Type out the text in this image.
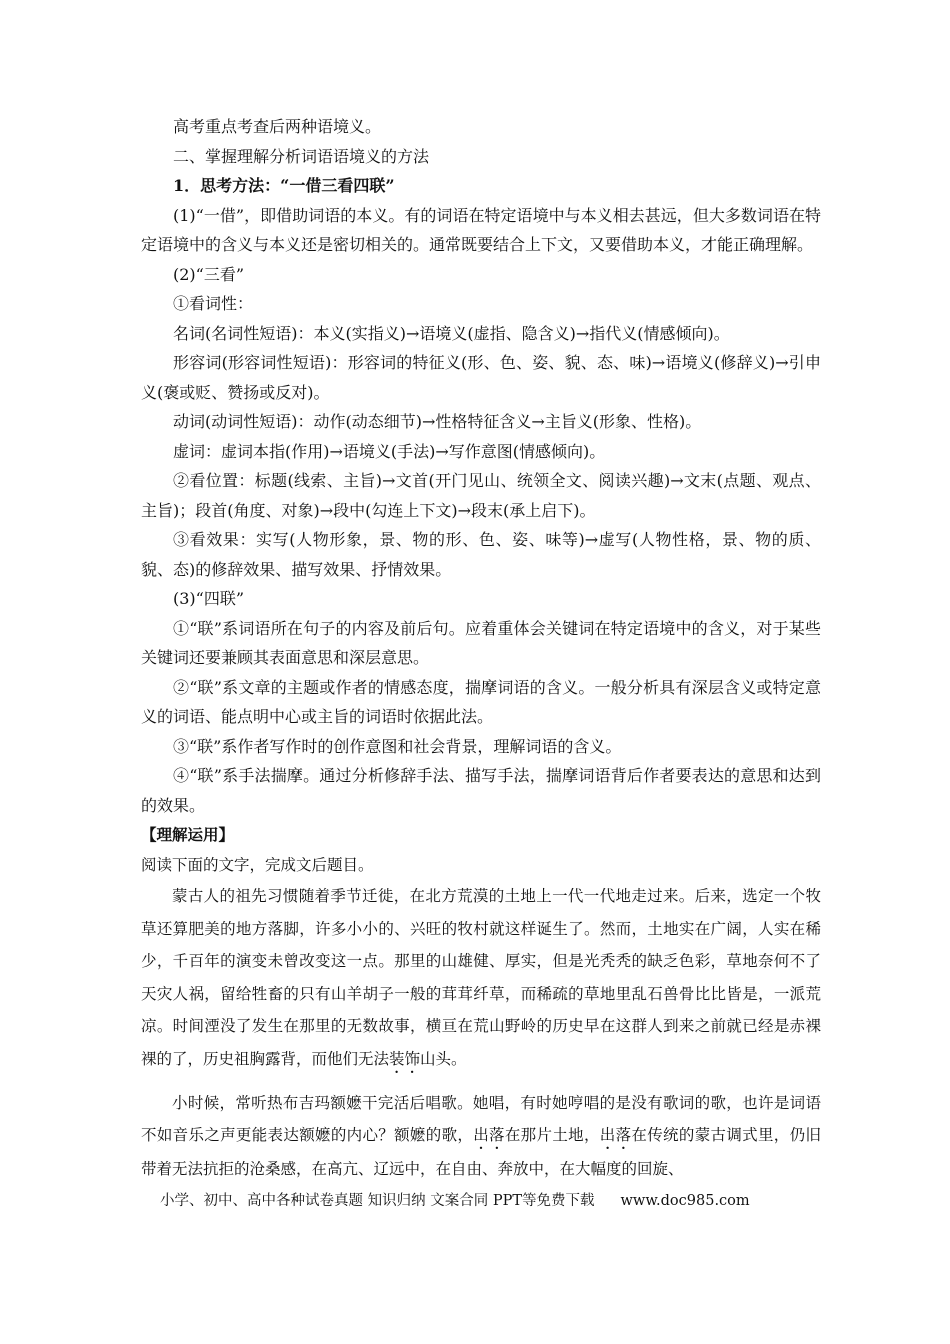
高考重点考查后两种语境义。

二、掌握理解分析词语语境义的方法

1．思考方法：“一借三看四联”

(1)“一借”，即借助词语的本义。有的词语在特定语境中与本义相去甚远，但大多数词语在特定语境中的含义与本义还是密切相关的。通常既要结合上下文，又要借助本义，才能正确理解。

(2)“三看”

①看词性：

名词(名词性短语)：本义(实指义)→语境义(虚指、隐含义)→指代义(情感倾向)。

形容词(形容词性短语)：形容词的特征义(形、色、姿、貌、态、味)→语境义(修辞义)→引申义(褒或贬、赞扬或反对)。

动词(动词性短语)：动作(动态细节)→性格特征含义→主旨义(形象、性格)。

虚词：虚词本指(作用)→语境义(手法)→写作意图(情感倾向)。

②看位置：标题(线索、主旨)→文首(开门见山、统领全文、阅读兴趣)→文末(点题、观点、主旨)；段首(角度、对象)→段中(勾连上下文)→段末(承上启下)。

③看效果：实写(人物形象，景、物的形、色、姿、味等)→虚写(人物性格，景、物的质、貌、态)的修辞效果、描写效果、抒情效果。

(3)“四联”

①“联”系词语所在句子的内容及前后句。应着重体会关键词在特定语境中的含义，对于某些关键词还要兼顾其表面意思和深层意思。

②“联”系文章的主题或作者的情感态度，揣摩词语的含义。一般分析具有深层含义或特定意义的词语、能点明中心或主旨的词语时依据此法。

③“联”系作者写作时的创作意图和社会背景，理解词语的含义。

④“联”系手法揣摩。通过分析修辞手法、描写手法，揣摩词语背后作者要表达的意思和达到的效果。

【理解运用】

阅读下面的文字，完成文后题目。

蒙古人的祖先习惯随着季节迁徙，在北方荒漠的土地上一代一代地走过来。后来，选定一个牧草还算肥美的地方落脚，许多小小的、兴旺的牧村就这样诞生了。然而，土地实在广阔，人实在稀少，千百年的演变未曾改变这一点。那里的山雄健、厚实，但是光秃秃的缺乏色彩，草地奈何不了天灾人祸，留给牲畜的只有山羊胡子一般的茸茸纤草，而稀疏的草地里乱石兽骨比比皆是，一派荒凉。时间湮没了发生在那里的无数故事，横亘在荒山野岭的历史早在这群人到来之前就已经是赤裸裸的了，历史祖胸露背，而他们无法装饰山头。

小时候，常听热布吉玛额嬷干完活后唱歌。她唱，有时她哼唱的是没有歌词的歌，也许是词语不如音乐之声更能表达额嬷的内心？额嬷的歌，出落在那片土地，出落在传统的蒙古调式里，仍旧带着无法抗拒的沧桑感，在高亢、辽远中，在自由、奔放中，在大幅度的回旋、

小学、初中、高中各种试卷真题 知识归纳 文案合同 PPT等免费下载 www.doc985.com
